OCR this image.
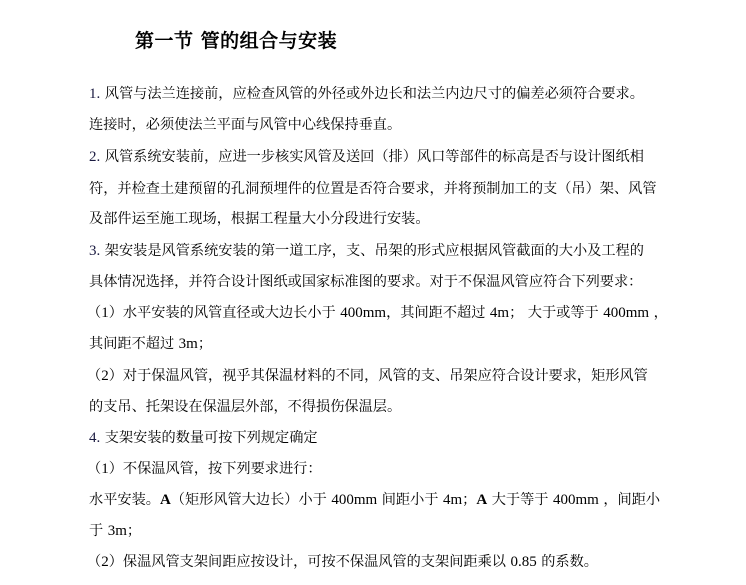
第一节 管的组合与安装
1. 风管与法兰连接前，应检查风管的外径或外边长和法兰内边尺寸的偏差必须符合要求。
连接时，必须使法兰平面与风管中心线保持垂直。
2. 风管系统安装前，应进一步核实风管及送回（排）风口等部件的标高是否与设计图纸相
符，并检查土建预留的孔洞预埋件的位置是否符合要求，并将预制加工的支（吊）架、风管
及部件运至施工现场，根据工程量大小分段进行安装。
3. 架安装是风管系统安装的第一道工序，支、吊架的形式应根据风管截面的大小及工程的
具体情况选择，并符合设计图纸或国家标准图的要求。对于不保温风管应符合下列要求：
（1）水平安装的风管直径或大边长小于 400mm，其间距不超过 4m； 大于或等于 400mm ，
其间距不超过 3m；
（2）对于保温风管，视乎其保温材料的不同，风管的支、吊架应符合设计要求，矩形风管
的支吊、托架设在保温层外部，不得损伤保温层。
4. 支架安装的数量可按下列规定确定
（1）不保温风管，按下列要求进行：
水平安装。A（矩形风管大边长）小于 400mm 间距小于 4m；A 大于等于 400mm ，间距小
于 3m；
（2）保温风管支架间距应按设计，可按不保温风管的支架间距乘以 0.85 的系数。
